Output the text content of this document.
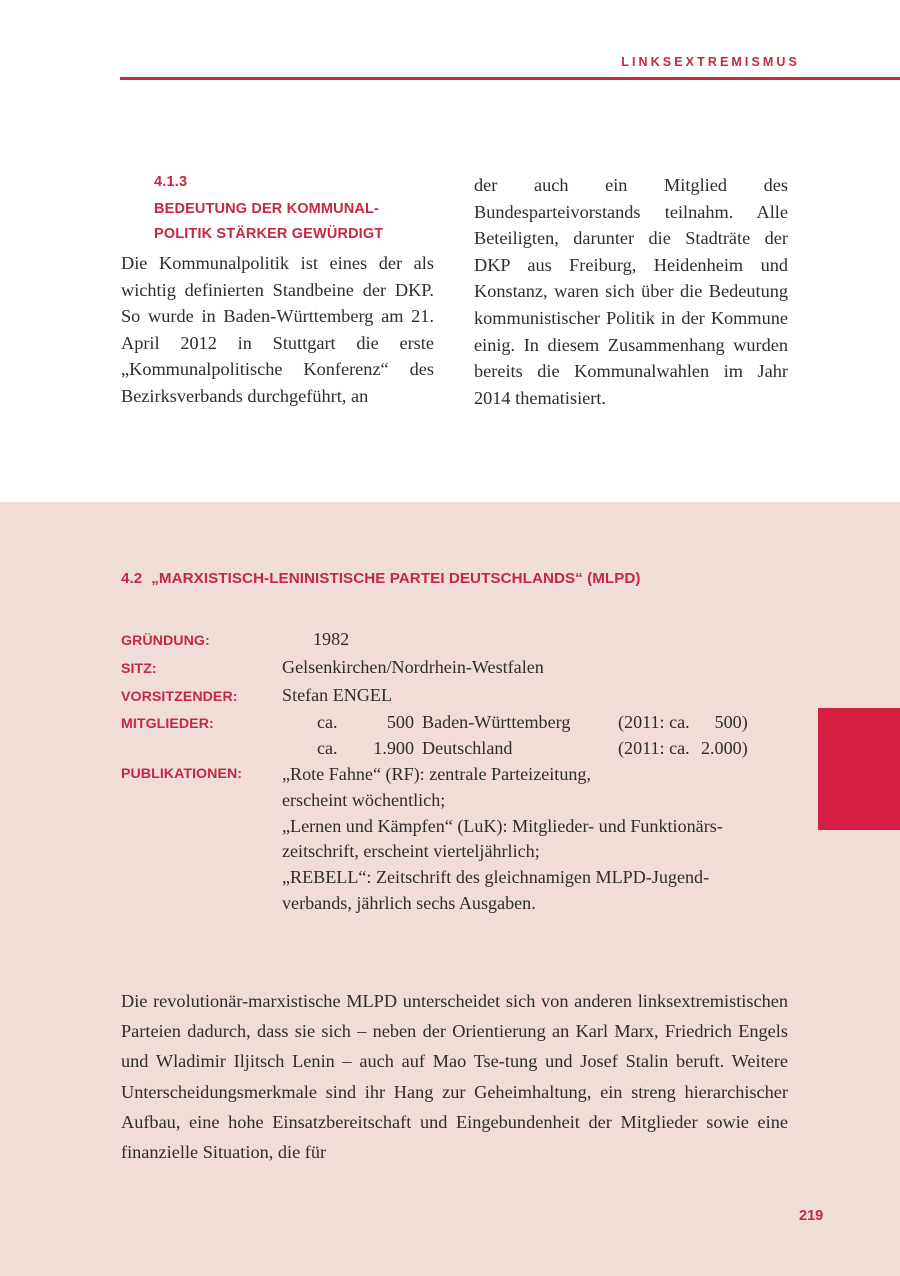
LINKSEXTREMISMUS
4.1.3
BEDEUTUNG DER KOMMUNAL-
POLITIK STÄRKER GEWÜRDIGT

Die Kommunalpolitik ist eines der als wichtig definierten Standbeine der DKP. So wurde in Baden-Württemberg am 21. April 2012 in Stuttgart die erste „Kommunalpolitische Konferenz“ des Bezirksverbands durchgeführt, an

der auch ein Mitglied des Bundesparteivorstands teilnahm. Alle Beteiligten, darunter die Stadträte der DKP aus Freiburg, Heidenheim und Konstanz, waren sich über die Bedeutung kommunistischer Politik in der Kommune einig. In diesem Zusammenhang wurden bereits die Kommunalwahlen im Jahr 2014 thematisiert.

4.2 „MARXISTISCH-LENINISTISCHE PARTEI DEUTSCHLANDS“ (MLPD)
GRÜNDUNG:	1982
SITZ:	Gelsenkirchen/Nordrhein-Westfalen
VORSITZENDER:	Stefan ENGEL
MITGLIEDER:	ca.	500 Baden-Württemberg	(2011: ca. 500)
ca.	1.900 Deutschland	(2011: ca. 2.000)
PUBLIKATIONEN:	„Rote Fahne“ (RF): zentrale Parteizeitung,
erscheint wöchentlich;
„Lernen und Kämpfen“ (LuK): Mitglieder- und Funktionärs-
zeitschrift, erscheint vierteljährlich;
„REBELL“: Zeitschrift des gleichnamigen MLPD-Jugend-
verbands, jährlich sechs Ausgaben.

Die revolutionär-marxistische MLPD unterscheidet sich von anderen linksextremistischen Parteien dadurch, dass sie sich – neben der Orientierung an Karl Marx, Friedrich Engels und Wladimir Iljitsch Lenin – auch auf Mao Tse-tung und Josef Stalin beruft. Weitere Unterscheidungsmerkmale sind ihr Hang zur Geheimhaltung, ein streng hierarchischer Aufbau, eine hohe Einsatzbereitschaft und Eingebundenheit der Mitglieder sowie eine finanzielle Situation, die für

219
